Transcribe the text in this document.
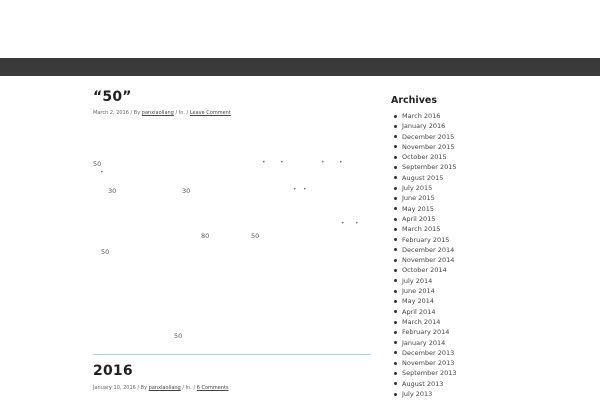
“50”
March 2, 2016 / By panxiaoliang / In. / Leave Comment
50	• •	• •
•
30	30	• •
• •
80	50
50
50
2016
January 10, 2016 / By panxiaoliang / In. / 6 Comments
Archives
March 2016
January 2016
December 2015
November 2015
October 2015
September 2015
August 2015
July 2015
June 2015
May 2015
April 2015
March 2015
February 2015
December 2014
November 2014
October 2014
July 2014
June 2014
May 2014
April 2014
March 2014
February 2014
January 2014
December 2013
November 2013
September 2013
August 2013
July 2013
